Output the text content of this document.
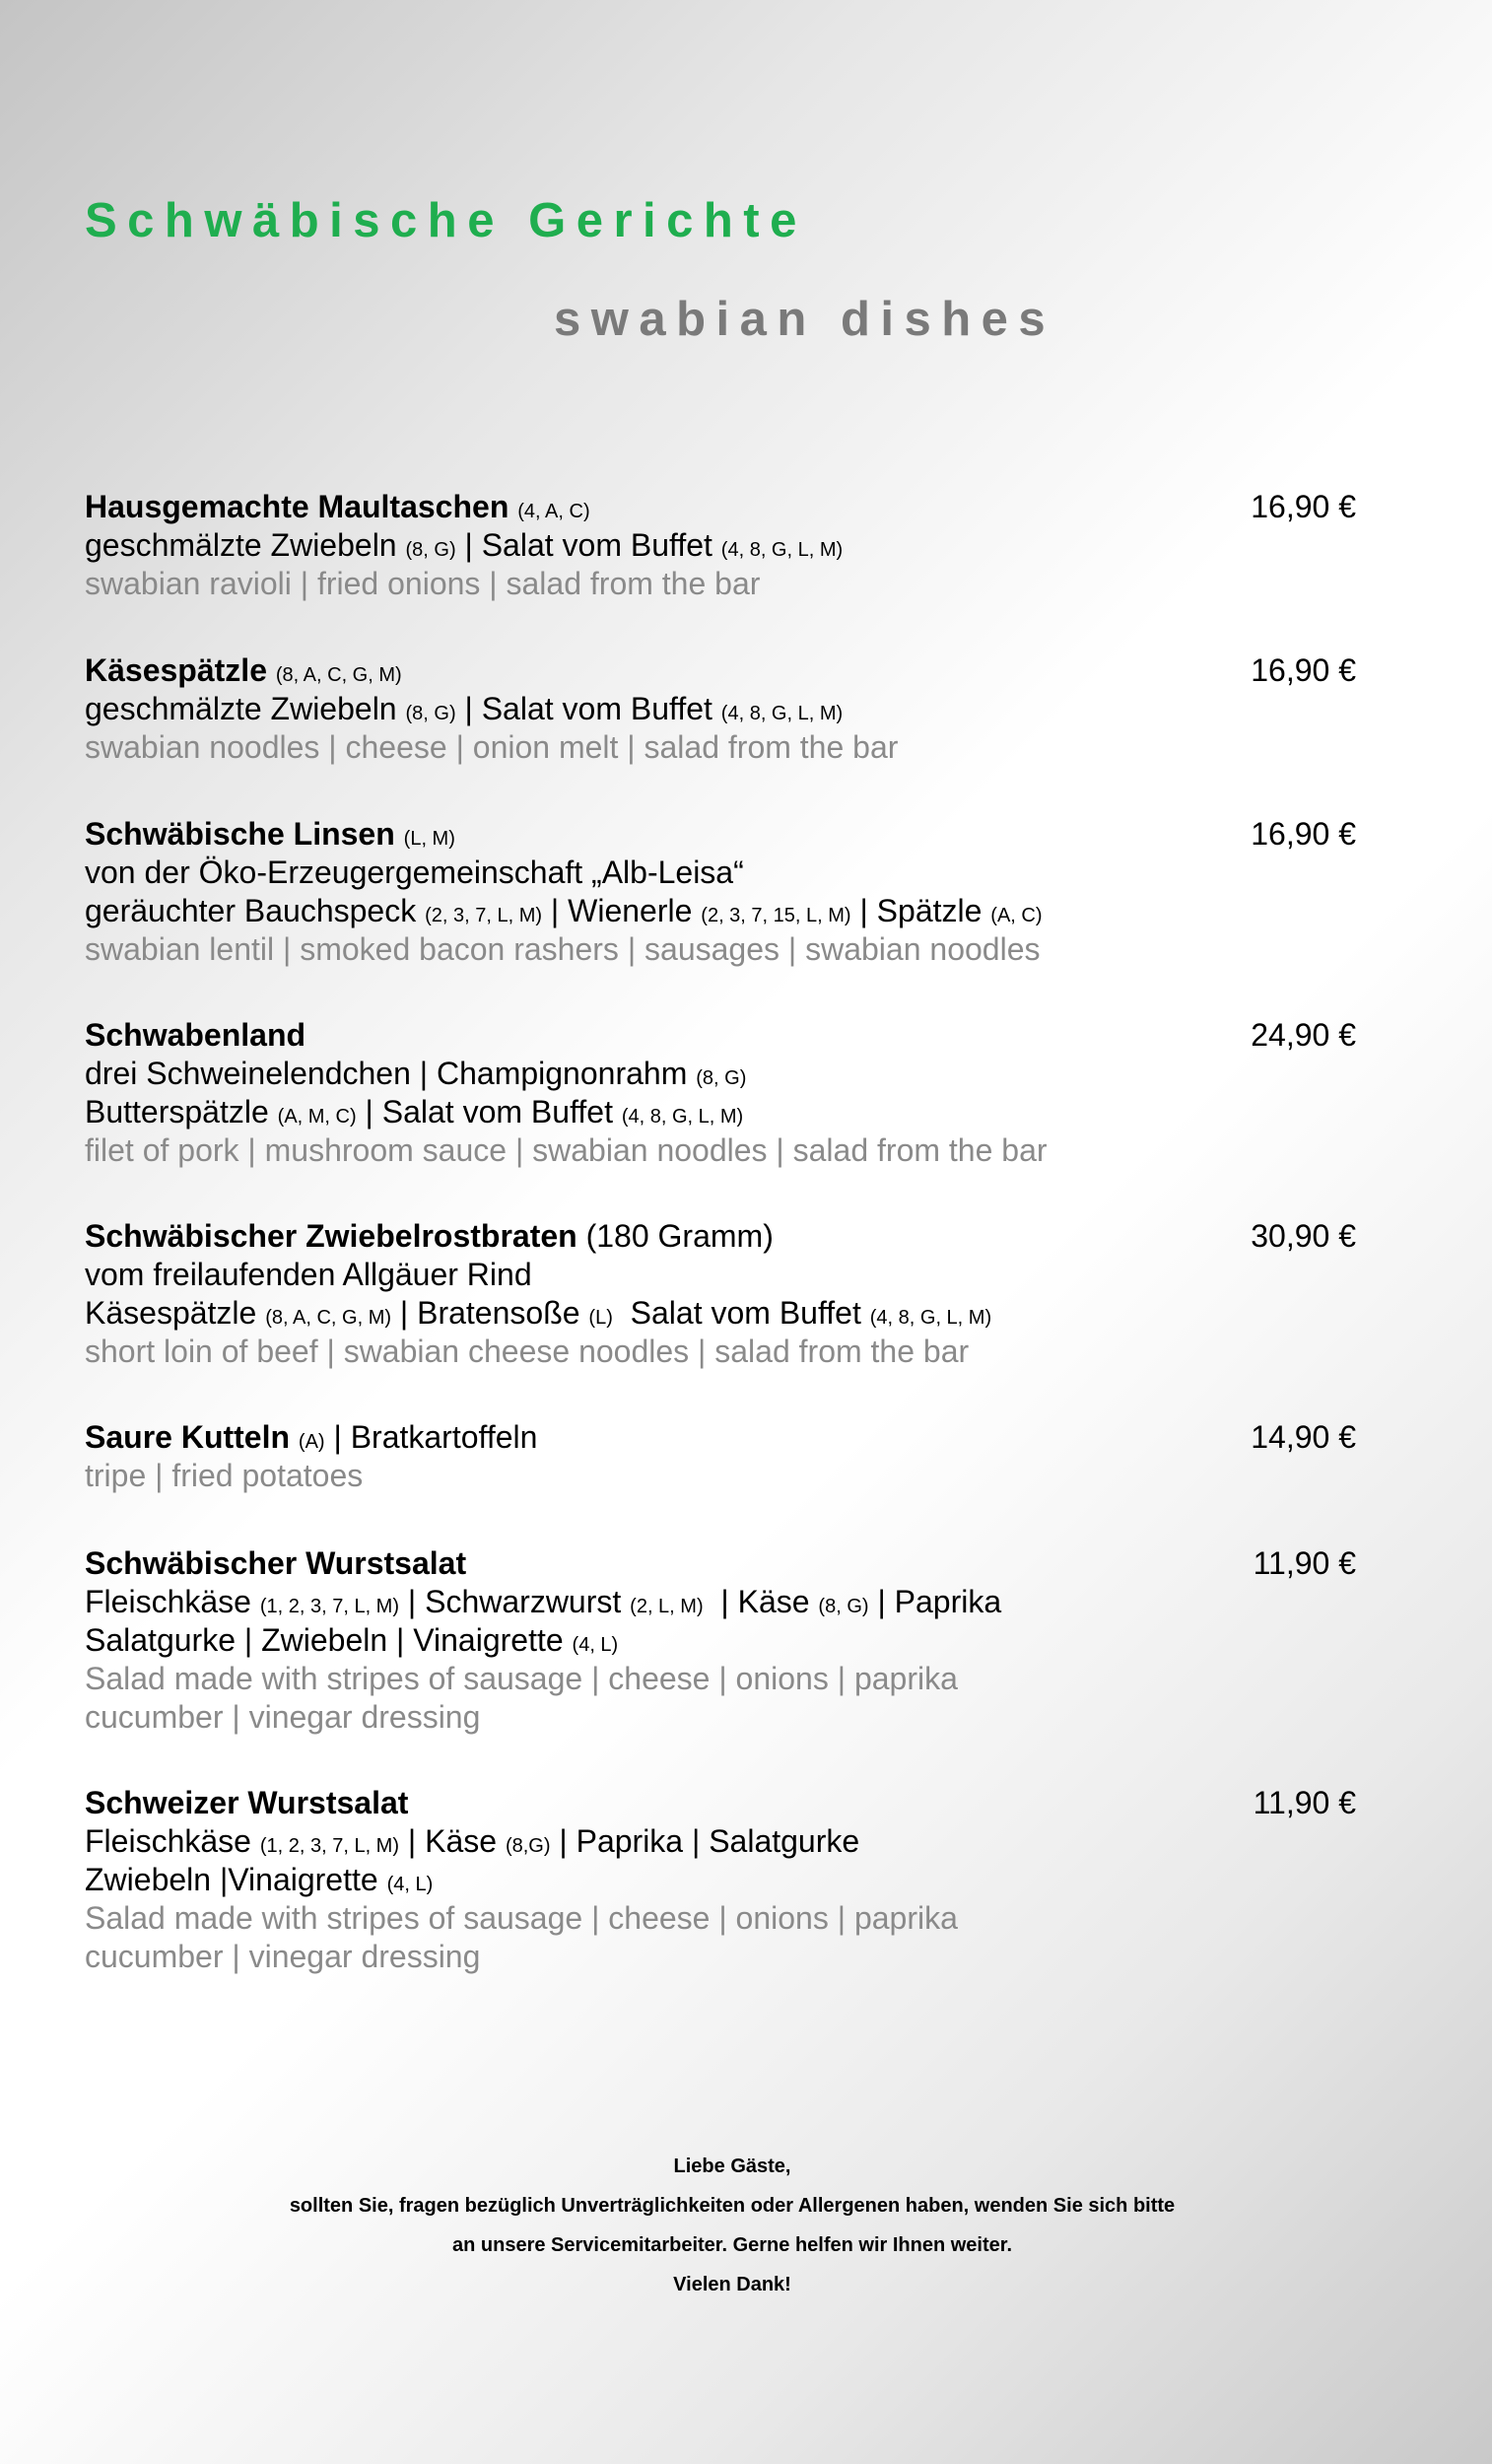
Schwäbische Gerichte
swabian dishes
Hausgemachte Maultaschen (4, A, C)
geschmälzte Zwiebeln (8, G) | Salat vom Buffet (4, 8, G, L, M)
swabian ravioli | fried onions | salad from the bar
16,90 €
Käsespätzle (8, A, C, G, M)
geschmälzte Zwiebeln (8, G) | Salat vom Buffet (4, 8, G, L, M)
swabian noodles | cheese | onion melt | salad from the bar
16,90 €
Schwäbische Linsen (L, M)
von der Öko-Erzeugergemeinschaft „Alb-Leisa“
geräuchter Bauchspeck (2, 3, 7, L, M) | Wienerle (2, 3, 7, 15, L, M) | Spätzle (A, C)
swabian lentil | smoked bacon rashers | sausages | swabian noodles
16,90 €
Schwabenland
drei Schweinelendchen | Champignonrahm (8, G)
Butterspätzle (A, M, C) | Salat vom Buffet (4, 8, G, L, M)
filet of pork | mushroom sauce | swabian noodles | salad from the bar
24,90 €
Schwäbischer Zwiebelrostbraten (180 Gramm)
vom freilaufenden Allgäuer Rind
Käsespätzle (8, A, C, G, M) | Bratensoße (L) Salat vom Buffet (4, 8, G, L, M)
short loin of beef | swabian cheese noodles | salad from the bar
30,90 €
Saure Kutteln (A) | Bratkartoffeln
tripe | fried potatoes
14,90 €
Schwäbischer Wurstsalat
Fleischkäse (1, 2, 3, 7, L, M) | Schwarzwurst (2, L, M) | Käse (8, G) | Paprika
Salatgurke | Zwiebeln | Vinaigrette (4, L)
Salad made with stripes of sausage | cheese | onions | paprika
cucumber | vinegar dressing
11,90 €
Schweizer Wurstsalat
Fleischkäse (1, 2, 3, 7, L, M) | Käse (8,G) | Paprika | Salatgurke
Zwiebeln |Vinaigrette (4, L)
Salad made with stripes of sausage | cheese | onions | paprika
cucumber | vinegar dressing
11,90 €
Liebe Gäste,
sollten Sie, fragen bezüglich Unverträglichkeiten oder Allergenen haben, wenden Sie sich bitte
an unsere Servicemitarbeiter. Gerne helfen wir Ihnen weiter.
Vielen Dank!
